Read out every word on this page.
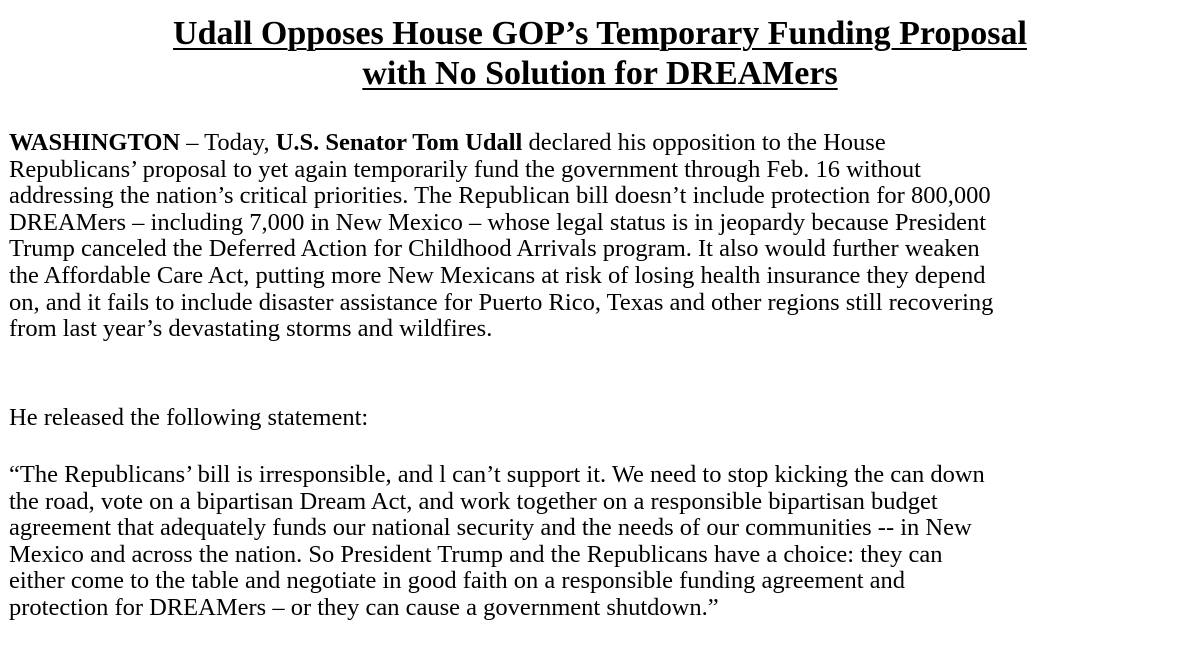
Udall Opposes House GOP’s Temporary Funding Proposal
with No Solution for DREAMers

WASHINGTON – Today, U.S. Senator Tom Udall declared his opposition to the House
Republicans’ proposal to yet again temporarily fund the government through Feb. 16 without
addressing the nation’s critical priorities. The Republican bill doesn’t include protection for 800,000
DREAMers – including 7,000 in New Mexico – whose legal status is in jeopardy because President
Trump canceled the Deferred Action for Childhood Arrivals program. It also would further weaken
the Affordable Care Act, putting more New Mexicans at risk of losing health insurance they depend
on, and it fails to include disaster assistance for Puerto Rico, Texas and other regions still recovering
from last year’s devastating storms and wildfires.

He released the following statement:

“The Republicans’ bill is irresponsible, and l can’t support it. We need to stop kicking the can down
the road, vote on a bipartisan Dream Act, and work together on a responsible bipartisan budget
agreement that adequately funds our national security and the needs of our communities -- in New
Mexico and across the nation. So President Trump and the Republicans have a choice: they can
either come to the table and negotiate in good faith on a responsible funding agreement and
protection for DREAMers – or they can cause a government shutdown.”
